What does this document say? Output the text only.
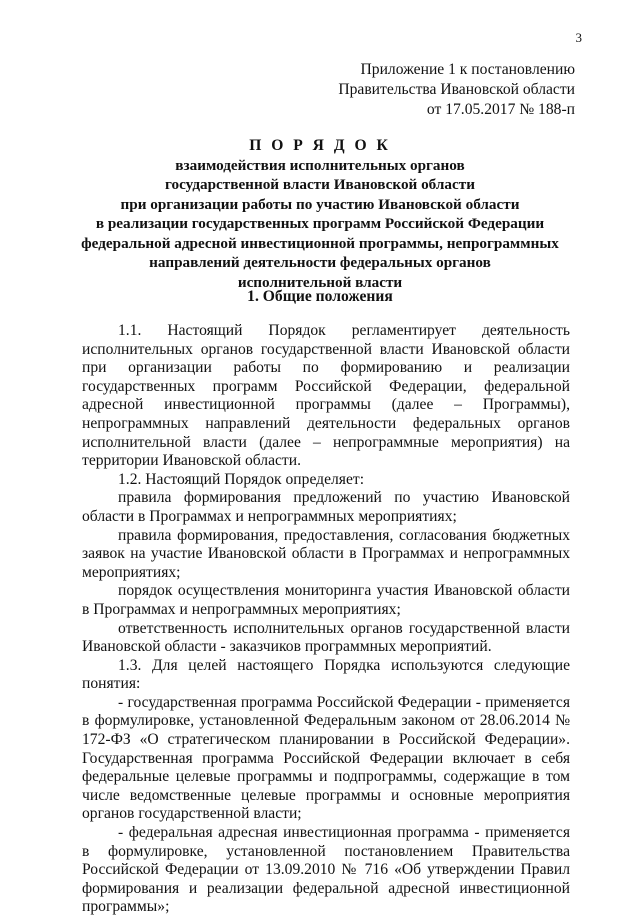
3
Приложение 1 к постановлению
Правительства Ивановской области
от 17.05.2017 № 188-п
П О Р Я Д О К
взаимодействия исполнительных органов
государственной власти Ивановской области
при организации работы по участию Ивановской области
в реализации государственных программ Российской Федерации
федеральной адресной инвестиционной программы, непрограммных
направлений деятельности федеральных органов
исполнительной власти
1. Общие положения

1.1. Настоящий Порядок регламентирует деятельность исполнительных органов государственной власти Ивановской области при организации работы по формированию и реализации государственных программ Российской Федерации, федеральной адресной инвестиционной программы (далее – Программы), непрограммных направлений деятельности федеральных органов исполнительной власти (далее – непрограммные мероприятия) на территории Ивановской области.

1.2. Настоящий Порядок определяет:

правила формирования предложений по участию Ивановской области в Программах и непрограммных мероприятиях;

правила формирования, предоставления, согласования бюджетных заявок на участие Ивановской области в Программах и непрограммных мероприятиях;

порядок осуществления мониторинга участия Ивановской области в Программах и непрограммных мероприятиях;

ответственность исполнительных органов государственной власти Ивановской области - заказчиков программных мероприятий.

1.3. Для целей настоящего Порядка используются следующие понятия:

- государственная программа Российской Федерации - применяется в формулировке, установленной Федеральным законом от 28.06.2014 № 172-ФЗ «О стратегическом планировании в Российской Федерации». Государственная программа Российской Федерации включает в себя федеральные целевые программы и подпрограммы, содержащие в том числе ведомственные целевые программы и основные мероприятия органов государственной власти;

- федеральная адресная инвестиционная программа - применяется в формулировке, установленной постановлением Правительства Российской Федерации от 13.09.2010 № 716 «Об утверждении Правил формирования и реализации федеральной адресной инвестиционной программы»;
